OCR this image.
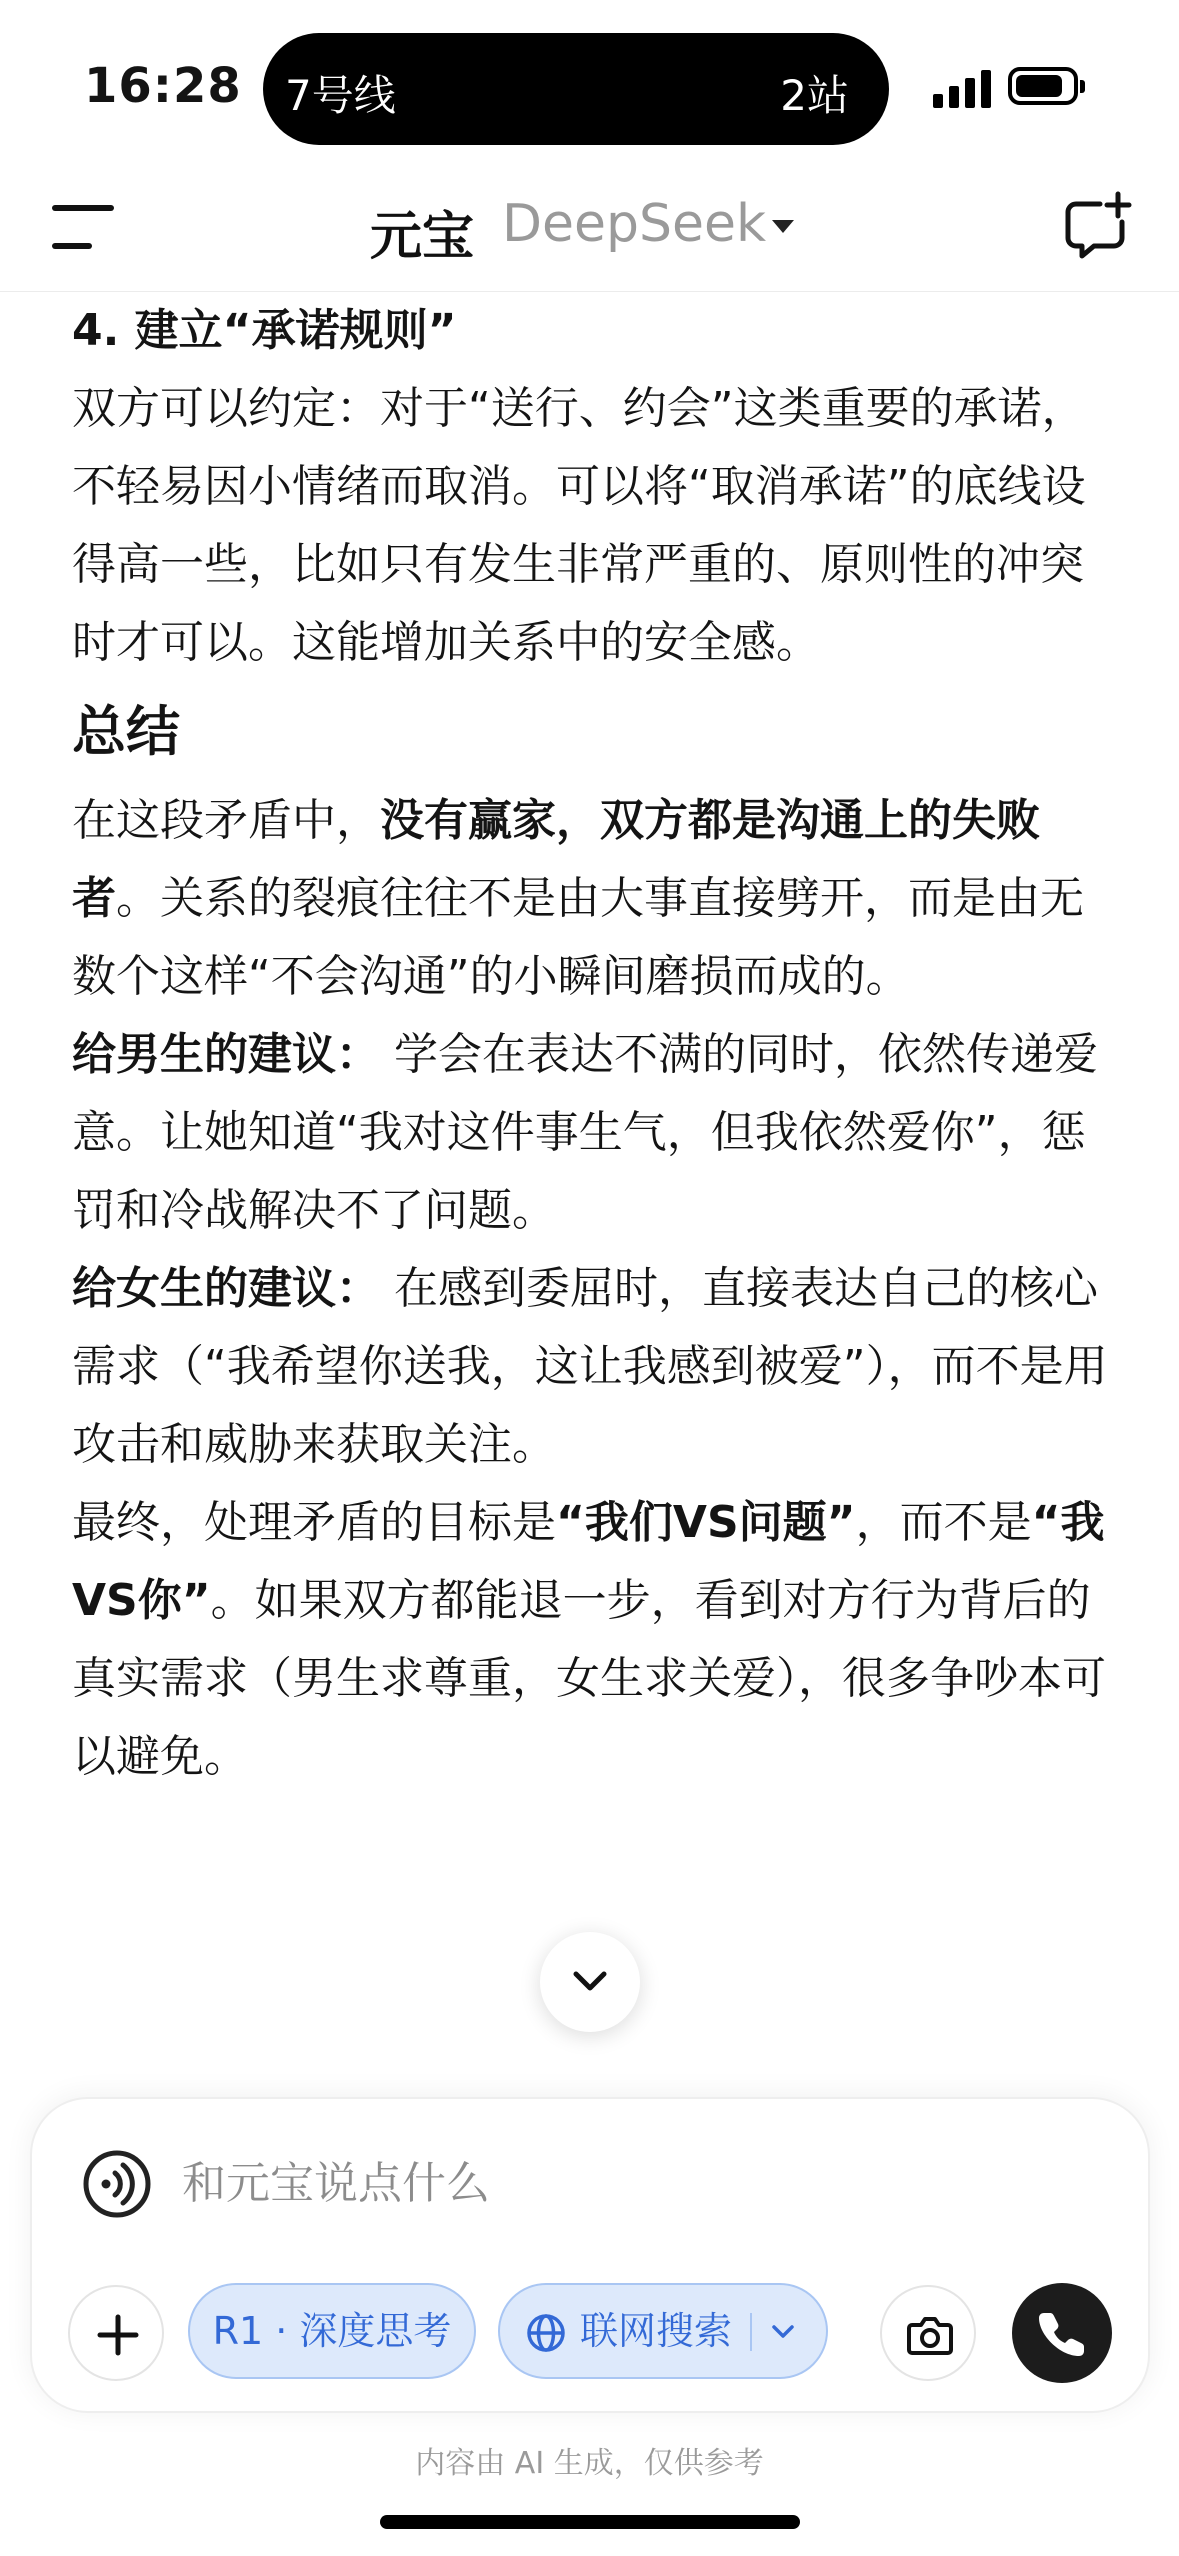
16:28 7号线	2站
元宝 DeepSeek

4. 建立“承诺规则”

双方可以约定：对于“送行、约会”这类重要的承诺，不轻易因小情绪而取消。可以将“取消承诺”的底线设得高一些，比如只有发生非常严重的、原则性的冲突时才可以。这能增加关系中的安全感。

总结

在这段矛盾中，没有赢家，双方都是沟通上的失败者。关系的裂痕往往不是由大事直接劈开，而是由无数个这样“不会沟通”的小瞬间磨损而成的。

给男生的建议： 学会在表达不满的同时，依然传递爱意。让她知道“我对这件事生气，但我依然爱你”，惩罚和冷战解决不了问题。

给女生的建议： 在感到委屈时，直接表达自己的核心需求（“我希望你送我，这让我感到被爱”），而不是用攻击和威胁来获取关注。

最终，处理矛盾的目标是“我们VS问题”，而不是“我VS你”。如果双方都能退一步，看到对方行为背后的真实需求（男生求尊重，女生求关爱），很多争吵本可以避免。

和元宝说点什么
R1 · 深度思考	联网搜索
内容由 AI 生成，仅供参考
